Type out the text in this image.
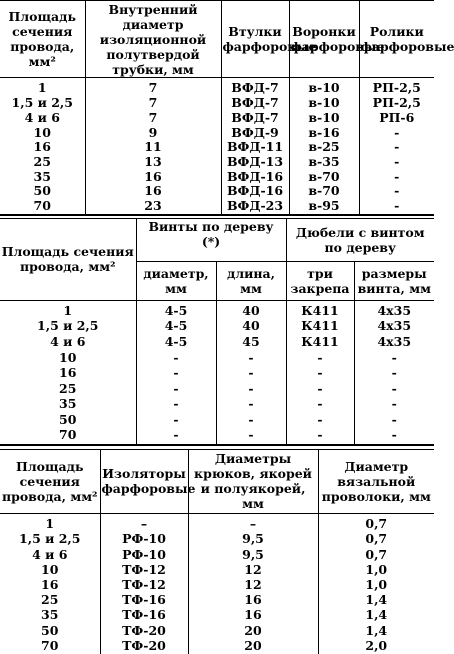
Площадь сечения провода, мм²	Внутренний диаметр изоляционной полутвердой трубки, мм	Втулки фарфоровые	Воронки фарфоровые	Ролики фарфоровые
1	7	ВФД-7	в-10	РП-2,5
1,5 и 2,5	7	ВФД-7	в-10	РП-2,5
4 и 6	7	ВФД-7	в-10	РП-6
10	9	ВФД-9	в-16	-
16	11	ВФД-11	в-25	-
25	13	ВФД-13	в-35	-
35	16	ВФД-16	в-70	-
50	16	ВФД-16	в-70	-
70	23	ВФД-23	в-95	-
Площадь сечения провода, мм²	Винты по дереву (*)		Дюбели с винтом по дереву	
	диаметр, мм	длина, мм	три закрепа	размеры винта, мм
1	4-5	40	К411	4х35
1,5 и 2,5	4-5	40	К411	4х35
4 и 6	4-5	45	К411	4х35
10	-	-	-	-
16	-	-	-	-
25	-	-	-	-
35	-	-	-	-
50	-	-	-	-
70	-	-	-	-
Площадь сечения провода, мм²	Изоляторы фарфоровые	Диаметры крюков, якорей и полуякорей, мм	Диаметр вязальной проволоки, мм
1	–	–	0,7
1,5 и 2,5	РФ-10	9,5	0,7
4 и 6	РФ-10	9,5	0,7
10	ТФ-12	12	1,0
16	ТФ-12	12	1,0
25	ТФ-16	16	1,4
35	ТФ-16	16	1,4
50	ТФ-20	20	1,4
70	ТФ-20	20	2,0
